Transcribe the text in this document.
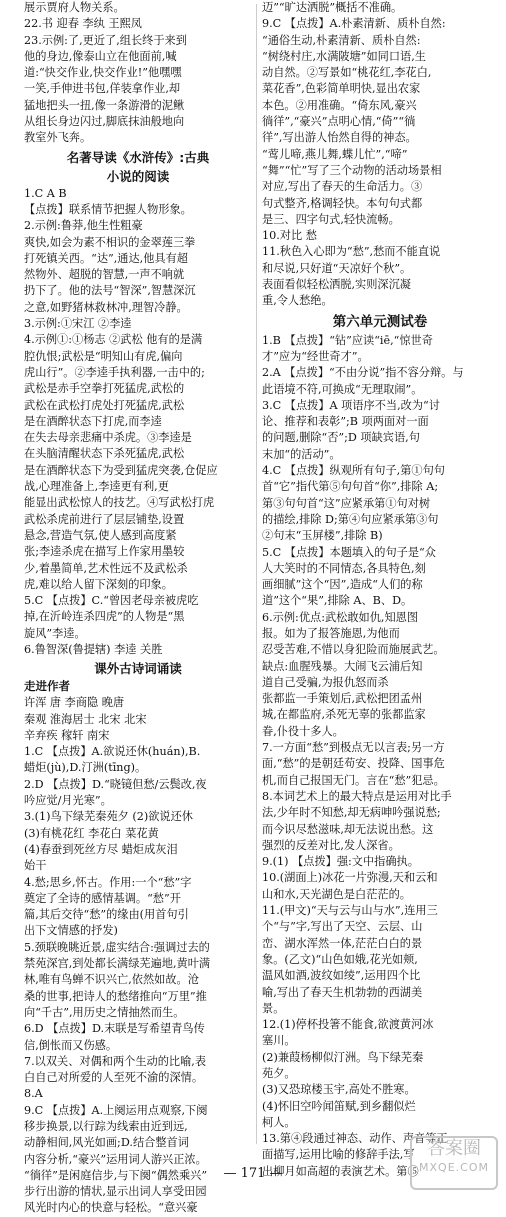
展示贾府人物关系。

22.书 迎春 李纨 王熙凤

23.示例:了,更近了,组长终于来到

他的身边,像泰山立在他面前,喊

道:“快交作业,快交作业!”他嘿嘿

一笑,手伸进书包,佯装拿作业,却

猛地把头一扭,像一条游滑的泥鳅

从组长身边闪过,脚底抹油般地向

教室外飞奔。

名著导读《水浒传》:古典
小说的阅读

1.C A B

【点拨】联系情节把握人物形象。

2.示例:鲁莽,他生性粗豪

爽快,如会为素不相识的金翠莲三拳

打死镇关西。“达”,通达,他具有超

然物外、超脱的智慧,一声不响就

扔下了。他的法号“智深”,智慧深沉

之意,如野猪林救林冲,理智冷静。

3.示例:①宋江 ②李逵

4.示例①:①杨志 ②武松 他有的是满

腔仇恨;武松是“明知山有虎,偏向

虎山行”。②李逵手执利器,一击中的;

武松是赤手空拳打死猛虎,武松的

武松在武松打虎处打死猛虎,武松

是在酒醉状态下打虎,而李逵

在失去母亲悲痛中杀虎。③李逵是

在头脑清醒状态下杀死猛虎,武松

是在酒醉状态下为受到猛虎突袭,仓促应

战,心理准备上,李逵更有利,更

能显出武松惊人的技艺。④写武松打虎

武松杀虎前进行了层层铺垫,设置

悬念,营造气氛,使人感到高度紧

张;李逵杀虎在描写上作家用墨较

少,着墨简单,艺术性远不及武松杀

虎,难以给人留下深刻的印象。

5.C 【点拨】C.“曾因老母亲被虎吃

掉,在沂岭连杀四虎”的人物是“黑

旋风”李逵。

6.鲁智深(鲁提辖) 李逵 关胜

课外古诗词诵读
走进作者

许浑 唐 李商隐 晚唐

秦观 淮海居士 北宋 北宋

辛弃疾 稼轩 南宋

1.C 【点拨】A.欲说还休(huán),B.

蜡炬(jù),D.汀洲(tīng)。

2.D 【点拨】D.“晓镜但愁/云鬓改,夜

吟应觉/月光寒”。

3.(1)鸟下绿芜秦苑夕 (2)欲说还休

(3)有桃花红 李花白 菜花黄

(4)春蚕到死丝方尽 蜡炬成灰泪

始干

4.愁;思乡,怀古。作用:一个“愁”字

奠定了全诗的感情基调。“愁”开

篇,其后交待“愁”的缘由(用首句引

出下文情感的抒发)

5.颈联晚眺近景,虚实结合:强调过去的

禁苑深宫,到处都长满绿芜遍地,黄叶满

林,唯有鸟蝉不识兴亡,依然如故。沧

桑的世事,把诗人的愁绪推向“万里”推

向“千古”,用历史之情抽然而生。

6.D 【点拨】D.末联是写希望青鸟传

信,倒怅而又伤感。

7.以双关、对偶和两个生动的比喻,表

白自己对所爱的人至死不渝的深情。

8.A

9.C 【点拨】A.上阕运用点观察,下阕

移步换景,以行踪为线索由近到远,

动静相间,风光如画;D.结合整首词

内容分析,“豪兴”运用词人游兴正浓。

“徜徉”是闲庭信步,与下阕“偶然乘兴”

步行出游的情状,显示出词人享受田园

风光时内心的快意与轻松。“意兴豪

迈”“旷达洒脱”概括不准确。

9.C 【点拨】A.朴素清新、质朴自然:

“通俗生动,朴素清新、质朴自然:

“树绕村庄,水满陂塘”如同口语,生

动自然。②写景如“桃花红,李花白,

菜花香”,色彩简单明快,显出农家

本色。②用准确。“倚东风,豪兴

徜徉”,“豪兴”点明心情,“倚”“徜

徉”,写出游人怡然自得的神态。

“莺儿啼,燕儿舞,蝶儿忙”,“啼”

“舞”“忙”写了三个动物的活动场景相

对应,写出了春天的生命活力。③

句式整齐,格调轻快。本句句式都

是三、四字句式,轻快流畅。

10.对比 愁

11.秋色入心即为“愁”,愁而不能直说

和尽说,只好道“天凉好个秋”。

表面看似轻松洒脱,实则深沉凝

重,令人愁绝。

第六单元测试卷

1.B 【点拨】“钻”应读“iē,“惊世奇

才”应为“经世奇才”。

2.A 【点拨】“不由分说”指不容分辩。与

此语境不符,可换成“无理取闹”。

3.C 【点拨】A 项语序不当,改为“讨

论、推荐和表彰”;B 项两面对一面

的问题,删除“否”;D 项缺宾语,句

末加“的活动”。

4.C 【点拨】纵观所有句子,第①句句

首“它”指代第⑤句句首“你”,排除 A;

第③句句首“这”应紧承第①句对树

的描绘,排除 D;第④句应紧承第③句

②句末“玉屏楼”,排除 B)

5.C 【点拨】本题填入的句子是“众

人大笑时的不同情态,各具特色,刻

画细腻”这个“因”,造成“人们的称

道”这个“果”,排除 A、B、D。

6.示例:优点:武松敢如仇,知恩图

报。如为了报答施恩,为他而

忍受苦难,不惜以身犯险而施展武艺。

缺点:血腥残暴。大闹飞云浦后知

道自己受骗,为报仇怒而杀

张都监一手策划后,武松把团孟州

城,在都监府,杀死无辜的张都监家

眷,仆役十多人。

7.一方面“愁”到极点无以言表;另一方

面,“愁”的是朝廷苟安、投降、国事危

机,而自己报国无门。言在“愁”犯忌。

8.本词艺术上的最大特点是运用对比手

法,少年时不知愁,却无病呻吟强说愁;

而今识尽愁滋味,却无法说出愁。这

强烈的反差对比,发人深省。

9.(1) 【点拨】强:文中指确执。

10.(湖面上)冰花一片弥漫,天和云和

山和水,天光湖色是白茫茫的。

11.(甲文)“天与云与山与水”,连用三

个“与”字,写出了天空、云层、山

峦、湖水浑然一体,茫茫白白的景

象。(乙文)“山色如娥,花光如颊,

温风如酒,波纹如绫”,运用四个比

喻,写出了春天生机勃勃的西湖美

景。

12.(1)停杯投箸不能食,欲渡黄河冰

塞川。

(2)兼葭杨柳似汀洲。鸟下绿芜秦

苑夕。

(3)又恐琼楼玉宇,高处不胜寒。

(4)怀旧空吟闻笛赋,到乡翻似烂

柯人。

13.第④段通过神态、动作、声音等正

面描写,运用比喻的修辞手法,写

出柳月如高超的表演艺术。第⑮

— 171 —
答案圈
MXQE.COM
